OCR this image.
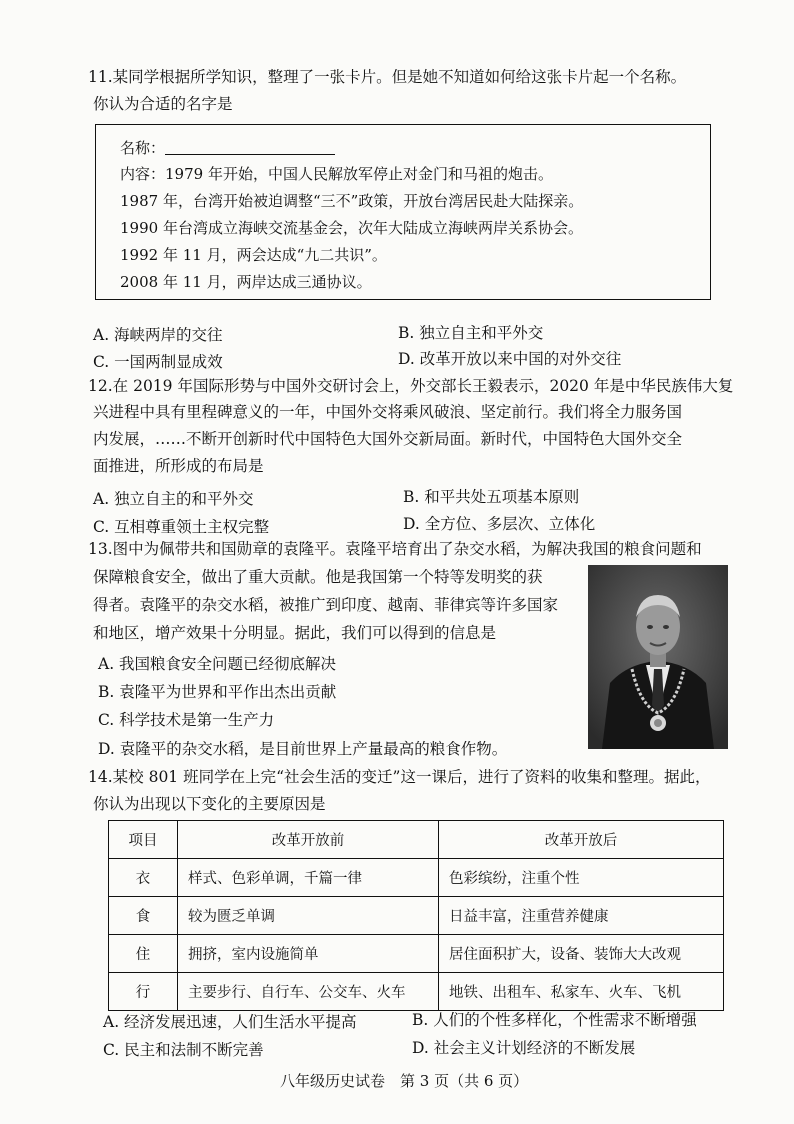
11.某同学根据所学知识，整理了一张卡片。但是她不知道如何给这张卡片起一个名称。
你认为合适的名字是
名称：
内容：1979 年开始，中国人民解放军停止对金门和马祖的炮击。
1987 年，台湾开始被迫调整“三不”政策，开放台湾居民赴大陆探亲。
1990 年台湾成立海峡交流基金会，次年大陆成立海峡两岸关系协会。
1992 年 11 月，两会达成“九二共识”。
2008 年 11 月，两岸达成三通协议。
A. 海峡两岸的交往	B. 独立自主和平外交
C. 一国两制显成效	D. 改革开放以来中国的对外交往
12.在 2019 年国际形势与中国外交研讨会上，外交部长王毅表示，2020 年是中华民族伟大复
兴进程中具有里程碑意义的一年，中国外交将乘风破浪、坚定前行。我们将全力服务国
内发展，……不断开创新时代中国特色大国外交新局面。新时代，中国特色大国外交全
面推进，所形成的布局是
A. 独立自主的和平外交	B. 和平共处五项基本原则
C. 互相尊重领土主权完整	D. 全方位、多层次、立体化
13.图中为佩带共和国勋章的袁隆平。袁隆平培育出了杂交水稻，为解决我国的粮食问题和
保障粮食安全，做出了重大贡献。他是我国第一个特等发明奖的获
得者。袁隆平的杂交水稻，被推广到印度、越南、菲律宾等许多国家
和地区，增产效果十分明显。据此，我们可以得到的信息是
A. 我国粮食安全问题已经彻底解决
B. 袁隆平为世界和平作出杰出贡献
C. 科学技术是第一生产力
D. 袁隆平的杂交水稻，是目前世界上产量最高的粮食作物。
14.某校 801 班同学在上完“社会生活的变迁”这一课后，进行了资料的收集和整理。据此，
你认为出现以下变化的主要原因是
项目	改革开放前	改革开放后
衣	样式、色彩单调，千篇一律	色彩缤纷，注重个性
食	较为匮乏单调	日益丰富，注重营养健康
住	拥挤，室内设施简单	居住面积扩大，设备、装饰大大改观
行	主要步行、自行车、公交车、火车	地铁、出租车、私家车、火车、飞机
A. 经济发展迅速，人们生活水平提高	B. 人们的个性多样化，个性需求不断增强
C. 民主和法制不断完善	D. 社会主义计划经济的不断发展
八年级历史试卷　第 3 页（共 6 页）
